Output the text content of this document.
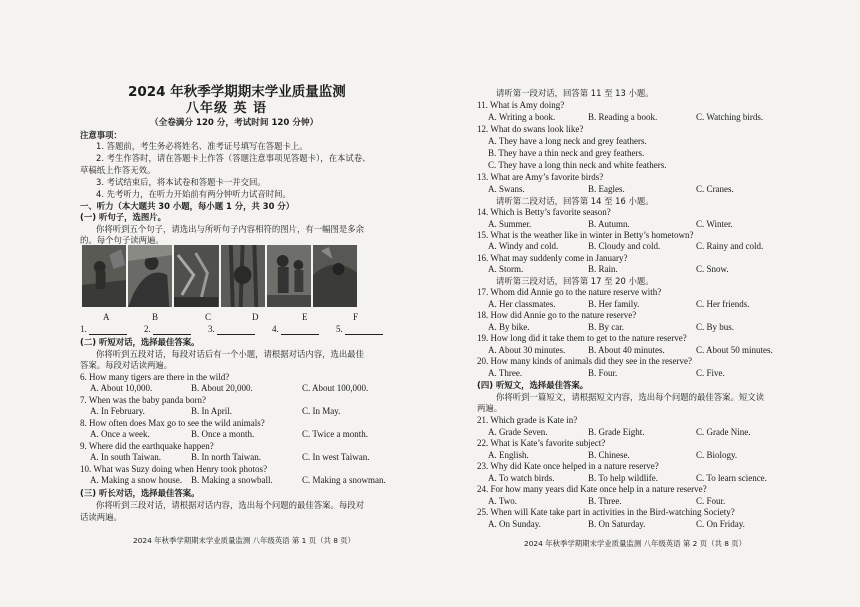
2024 年秋季学期期末学业质量监测
八年级 英 语
（全卷满分 120 分，考试时间 120 分钟）
注意事项：
1. 答题前，考生务必将姓名、准考证号填写在答题卡上。
2. 考生作答时，请在答题卡上作答（答题注意事项见答题卡），在本试卷、
草稿纸上作答无效。
3. 考试结束后，将本试卷和答题卡一并交回。
4. 先考听力，在听力开始前有两分钟听力试音时间。
一、听力（本大题共 30 小题，每小题 1 分，共 30 分）
(一) 听句子，选图片。
你将听到五个句子，请选出与所听句子内容相符的图片，有一幅图是多余
的。每个句子读两遍。
A	B	C	D	E	F
1.	2.	3.	4.	5.
(二) 听短对话，选择最佳答案。
你将听到五段对话，每段对话后有一个小题，请根据对话内容，选出最佳
答案。每段对话读两遍。
6. How many tigers are there in the wild?
A. About 10,000.	B. About 20,000.	C. About 100,000.
7. When was the baby panda born?
A. In February.	B. In April.	C. In May.
8. How often does Max go to see the wild animals?
A. Once a week.	B. Once a month.	C. Twice a month.
9. Where did the earthquake happen?
A. In south Taiwan.	B. In north Taiwan.	C. In west Taiwan.
10. What was Suzy doing when Henry took photos?
A. Making a snow house. B. Making a snowball.	C. Making a snowman.
(三) 听长对话，选择最佳答案。
你将听到三段对话，请根据对话内容，选出每个问题的最佳答案。每段对
话读两遍。
2024 年秋季学期期末学业质量监测 八年级英语 第 1 页（共 8 页）
请听第一段对话，回答第 11 至 13 小题。
11. What is Amy doing?
A. Writing a book.	B. Reading a book.	C. Watching birds.
12. What do swans look like?
A. They have a long neck and grey feathers.
B. They have a thin neck and grey feathers.
C. They have a long thin neck and white feathers.
13. What are Amy’s favorite birds?
A. Swans.	B. Eagles.	C. Cranes.
请听第二段对话，回答第 14 至 16 小题。
14. Which is Betty’s favorite season?
A. Summer.	B. Autumn.	C. Winter.
15. What is the weather like in winter in Betty’s hometown?
A. Windy and cold.	B. Cloudy and cold.	C. Rainy and cold.
16. What may suddenly come in January?
A. Storm.	B. Rain.	C. Snow.
请听第三段对话，回答第 17 至 20 小题。
17. Whom did Annie go to the nature reserve with?
A. Her classmates.	B. Her family.	C. Her friends.
18. How did Annie go to the nature reserve?
A. By bike.	B. By car.	C. By bus.
19. How long did it take them to get to the nature reserve?
A. About 30 minutes.	B. About 40 minutes.	C. About 50 minutes.
20. How many kinds of animals did they see in the reserve?
A. Three.	B. Four.	C. Five.
(四) 听短文，选择最佳答案。
你将听到一篇短文，请根据短文内容，选出每个问题的最佳答案。短文读
两遍。
21. Which grade is Kate in?
A. Grade Seven.	B. Grade Eight.	C. Grade Nine.
22. What is Kate’s favorite subject?
A. English.	B. Chinese.	C. Biology.
23. Why did Kate once helped in a nature reserve?
A. To watch birds.	B. To help wildlife.	C. To learn science.
24. For how many years did Kate once help in a nature reserve?
A. Two.	B. Three.	C. Four.
25. When will Kate take part in activities in the Bird-watching Society?
A. On Sunday.	B. On Saturday.	C. On Friday.
2024 年秋季学期期末学业质量监测 八年级英语 第 2 页（共 8 页）
